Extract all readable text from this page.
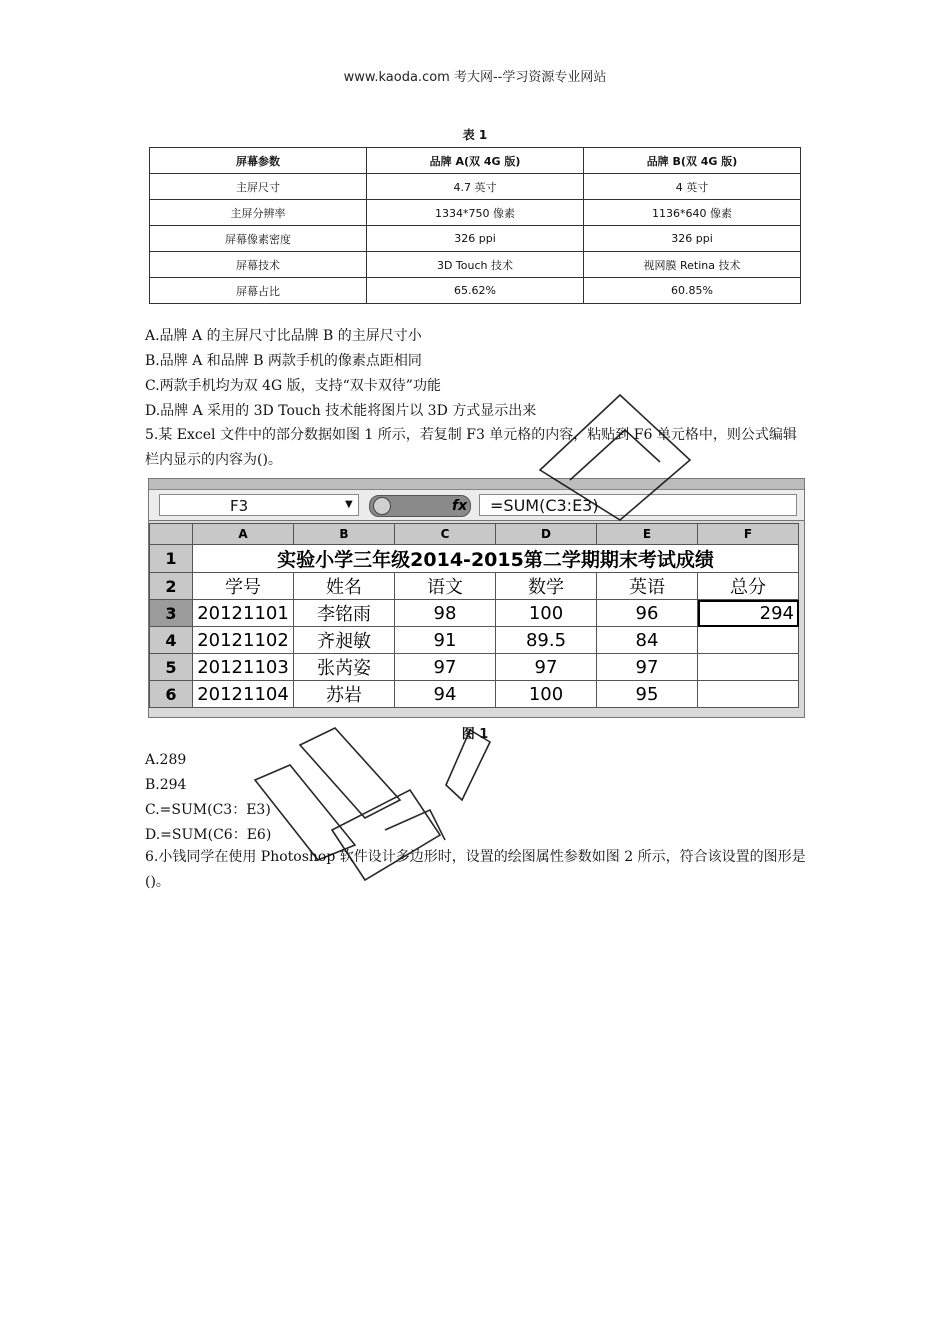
www.kaoda.com 考大网--学习资源专业网站
表 1
屏幕参数	品牌 A(双 4G 版)	品牌 B(双 4G 版)
主屏尺寸	4.7 英寸	4 英寸
主屏分辨率	1334*750 像素	1136*640 像素
屏幕像素密度	326 ppi	326 ppi
屏幕技术	3D Touch 技术	视网膜 Retina 技术
屏幕占比	65.62%	60.85%
A.品牌 A 的主屏尺寸比品牌 B 的主屏尺寸小
B.品牌 A 和品牌 B 两款手机的像素点距相同
C.两款手机均为双 4G 版，支持“双卡双待”功能
D.品牌 A 采用的 3D Touch 技术能将图片以 3D 方式显示出来
5.某 Excel 文件中的部分数据如图 1 所示，若复制 F3 单元格的内容，粘贴到 F6 单元格中，则公式编辑栏内显示的内容为()。
F3	▼	fx	=SUM(C3:E3)
	A	B	C	D	E	F
1	实验小学三年级2014-2015第二学期期末考试成绩					
2	学号	姓名	语文	数学	英语	总分
3	20121101	李铭雨	98	100	96	294
4	20121102	齐昶敏	91	89.5	84	
5	20121103	张芮姿	97	97	97	
6	20121104	苏岩	94	100	95	
图 1
A.289
B.294
C.=SUM(C3：E3)
D.=SUM(C6：E6)
6.小钱同学在使用 Photoshop 软件设计多边形时，设置的绘图属性参数如图 2 所示，符合该设置的图形是()。
